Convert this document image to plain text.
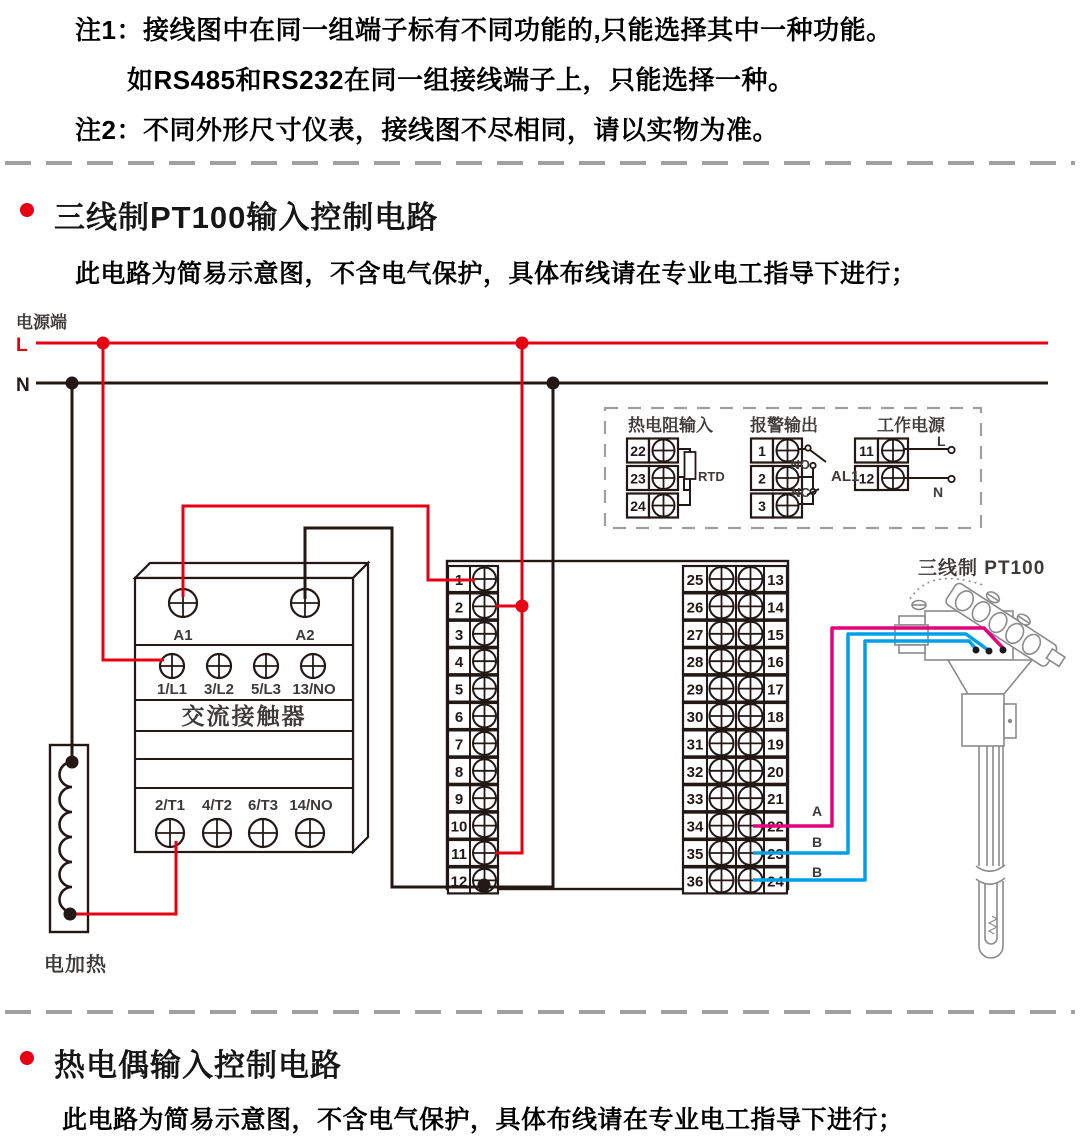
注1：接线图中在同一组端子标有不同功能的,只能选择其中一种功能。
如RS485和RS232在同一组接线端子上，只能选择一种。
注2：不同外形尺寸仪表，接线图不尽相同，请以实物为准。
三线制PT100输入控制电路
此电路为简易示意图，不含电气保护，具体布线请在专业电工指导下进行；
1
2
3
4
5
6
7
8
9
10
11
12
25	13
26	14
27	15
28	16
29	17
30	18
31	19
32	20
33	21
34	22
35	23
36	24
A1	A2
1/L1 3/L2 5/L3 13/NO
交流接触器
2/T1 4/T2 6/T3 14/NO
电加热
三线制 PT100
电源端
L
N
热电阻输入 报警输出	工作电源
22
23
24
1
2
3
11
12
RTD
NO
NC
AL1
L
N
A
B
B
热电偶输入控制电路
此电路为简易示意图，不含电气保护，具体布线请在专业电工指导下进行；
